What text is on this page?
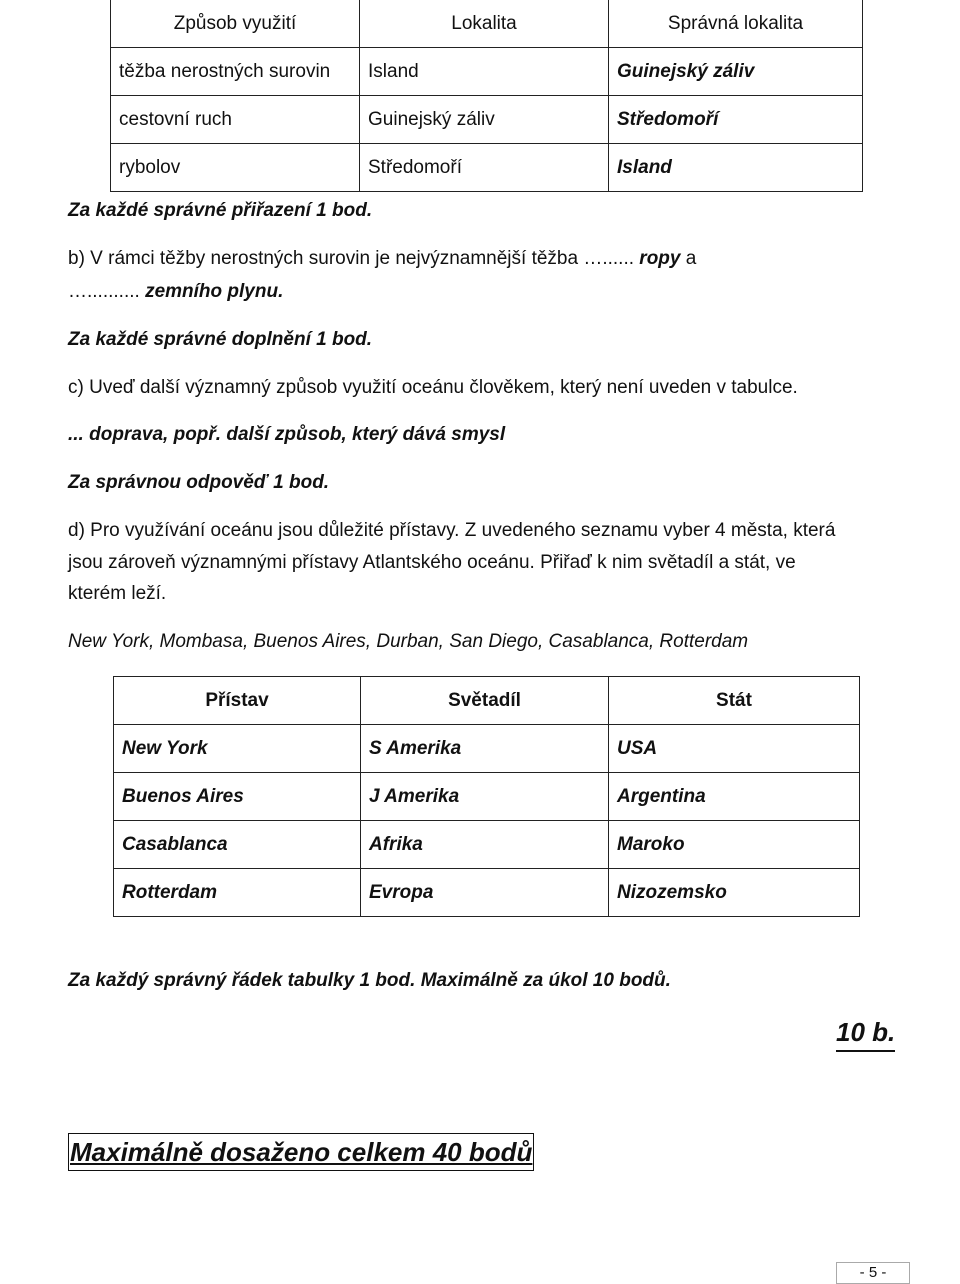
Způsob využití	Lokalita	Správná lokalita
těžba nerostných surovin	Island	Guinejský záliv
cestovní ruch	Guinejský záliv	Středomoří
rybolov	Středomoří	Island
Za každé správné přiřazení 1 bod.
b) V rámci těžby nerostných surovin je nejvýznamnější těžba …...... ropy a
….......... zemního plynu.
Za každé správné doplnění 1 bod.
c) Uveď další významný způsob využití oceánu člověkem, který není uveden v tabulce.
... doprava, popř. další způsob, který dává smysl
Za správnou odpověď 1 bod.
d) Pro využívání oceánu jsou důležité přístavy. Z uvedeného seznamu vyber 4 města, která
jsou zároveň významnými přístavy Atlantského oceánu. Přiřaď k nim světadíl a stát, ve
kterém leží.
New York, Mombasa, Buenos Aires, Durban, San Diego, Casablanca, Rotterdam
Přístav	Světadíl	Stát
New York	S Amerika	USA
Buenos Aires	J Amerika	Argentina
Casablanca	Afrika	Maroko
Rotterdam	Evropa	Nizozemsko
Za každý správný řádek tabulky 1 bod. Maximálně za úkol 10 bodů.
10 b.
Maximálně dosaženo celkem 40 bodů
- 5 -
